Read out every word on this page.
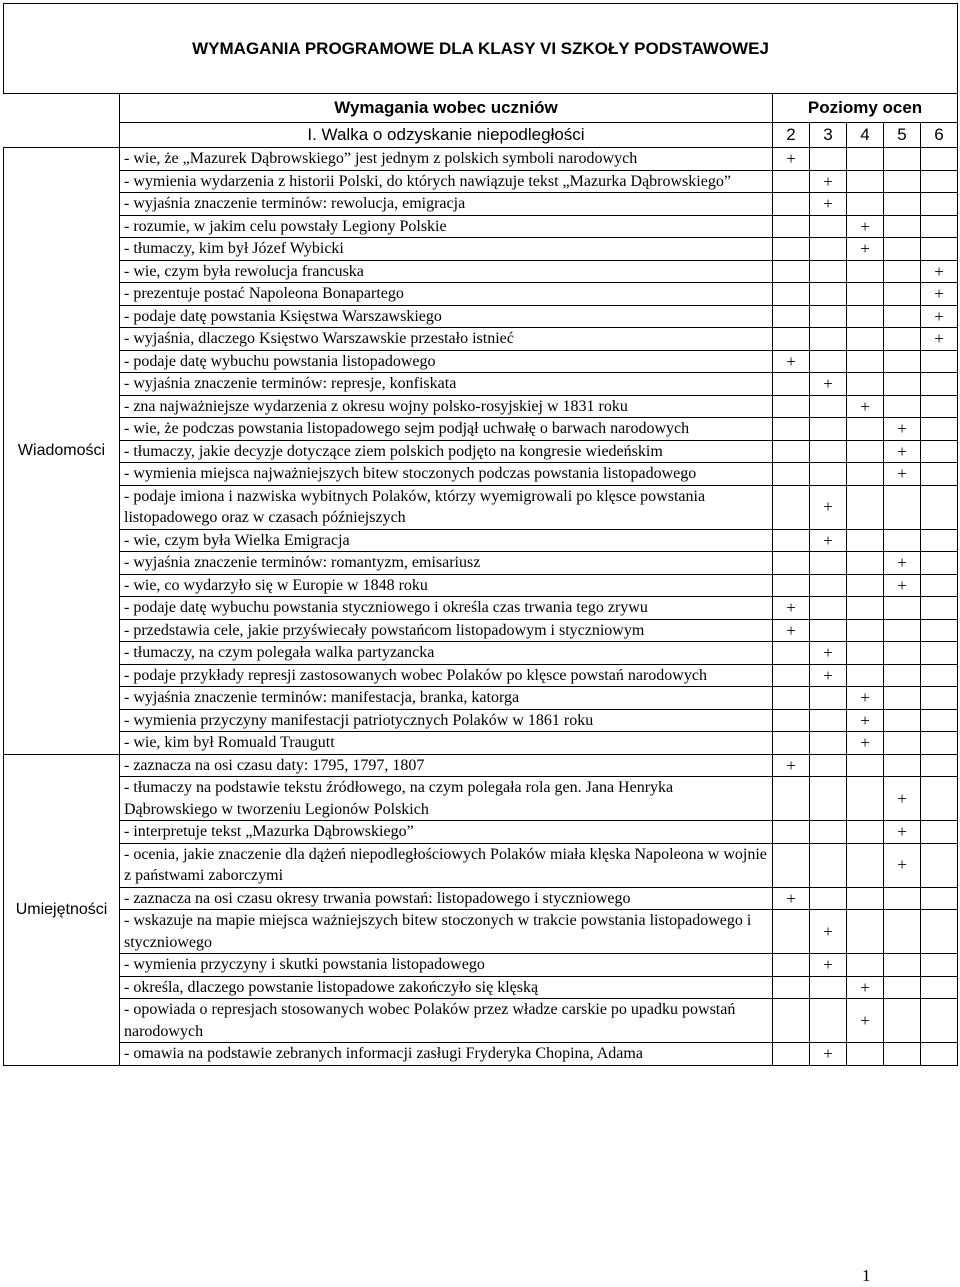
WYMAGANIA PROGRAMOWE DLA KLASY VI SZKOŁY PODSTAWOWEJ						
	Wymagania wobec uczniów	Poziomy ocen				
	I. Walka o odzyskanie niepodległości	2	3	4	5	6
Wiadomości	- wie, że „Mazurek Dąbrowskiego” jest jednym z polskich symboli narodowych	+				
	- wymienia wydarzenia z historii Polski, do których nawiązuje tekst „Mazurka Dąbrowskiego”		+			
	- wyjaśnia znaczenie terminów: rewolucja, emigracja		+			
	- rozumie, w jakim celu powstały Legiony Polskie			+		
	- tłumaczy, kim był Józef Wybicki			+		
	- wie, czym była rewolucja francuska					+
	- prezentuje postać Napoleona Bonapartego					+
	- podaje datę powstania Księstwa Warszawskiego					+
	- wyjaśnia, dlaczego Księstwo Warszawskie przestało istnieć					+
	- podaje datę wybuchu powstania listopadowego	+				
	- wyjaśnia znaczenie terminów: represje, konfiskata		+			
	- zna najważniejsze wydarzenia z okresu wojny polsko-rosyjskiej w 1831 roku			+		
	- wie, że podczas powstania listopadowego sejm podjął uchwałę o barwach narodowych				+	
	- tłumaczy, jakie decyzje dotyczące ziem polskich podjęto na kongresie wiedeńskim				+	
	- wymienia miejsca najważniejszych bitew stoczonych podczas powstania listopadowego				+	
	- podaje imiona i nazwiska wybitnych Polaków, którzy wyemigrowali po klęsce powstania listopadowego oraz w czasach późniejszych		+			
	- wie, czym była Wielka Emigracja		+			
	- wyjaśnia znaczenie terminów: romantyzm, emisariusz				+	
	- wie, co wydarzyło się w Europie w 1848 roku				+	
	- podaje datę wybuchu powstania styczniowego i określa czas trwania tego zrywu	+				
	- przedstawia cele, jakie przyświecały powstańcom listopadowym i styczniowym	+				
	- tłumaczy, na czym polegała walka partyzancka		+			
	- podaje przykłady represji zastosowanych wobec Polaków po klęsce powstań narodowych		+			
	- wyjaśnia znaczenie terminów: manifestacja, branka, katorga			+		
	- wymienia przyczyny manifestacji patriotycznych Polaków w 1861 roku			+		
	- wie, kim był Romuald Traugutt			+		
Umiejętności	- zaznacza na osi czasu daty: 1795, 1797, 1807	+				
	- tłumaczy na podstawie tekstu źródłowego, na czym polegała rola gen. Jana Henryka Dąbrowskiego w tworzeniu Legionów Polskich				+	
	- interpretuje tekst „Mazurka Dąbrowskiego”				+	
	- ocenia, jakie znaczenie dla dążeń niepodległościowych Polaków miała klęska Napoleona w wojnie z państwami zaborczymi				+	
	- zaznacza na osi czasu okresy trwania powstań: listopadowego i styczniowego	+				
	- wskazuje na mapie miejsca ważniejszych bitew stoczonych w trakcie powstania listopadowego i styczniowego		+			
	- wymienia przyczyny i skutki powstania listopadowego		+			
	- określa, dlaczego powstanie listopadowe zakończyło się klęską			+		
	- opowiada o represjach stosowanych wobec Polaków przez władze carskie po upadku powstań narodowych			+		
	- omawia na podstawie zebranych informacji zasługi Fryderyka Chopina, Adama		+			
1
